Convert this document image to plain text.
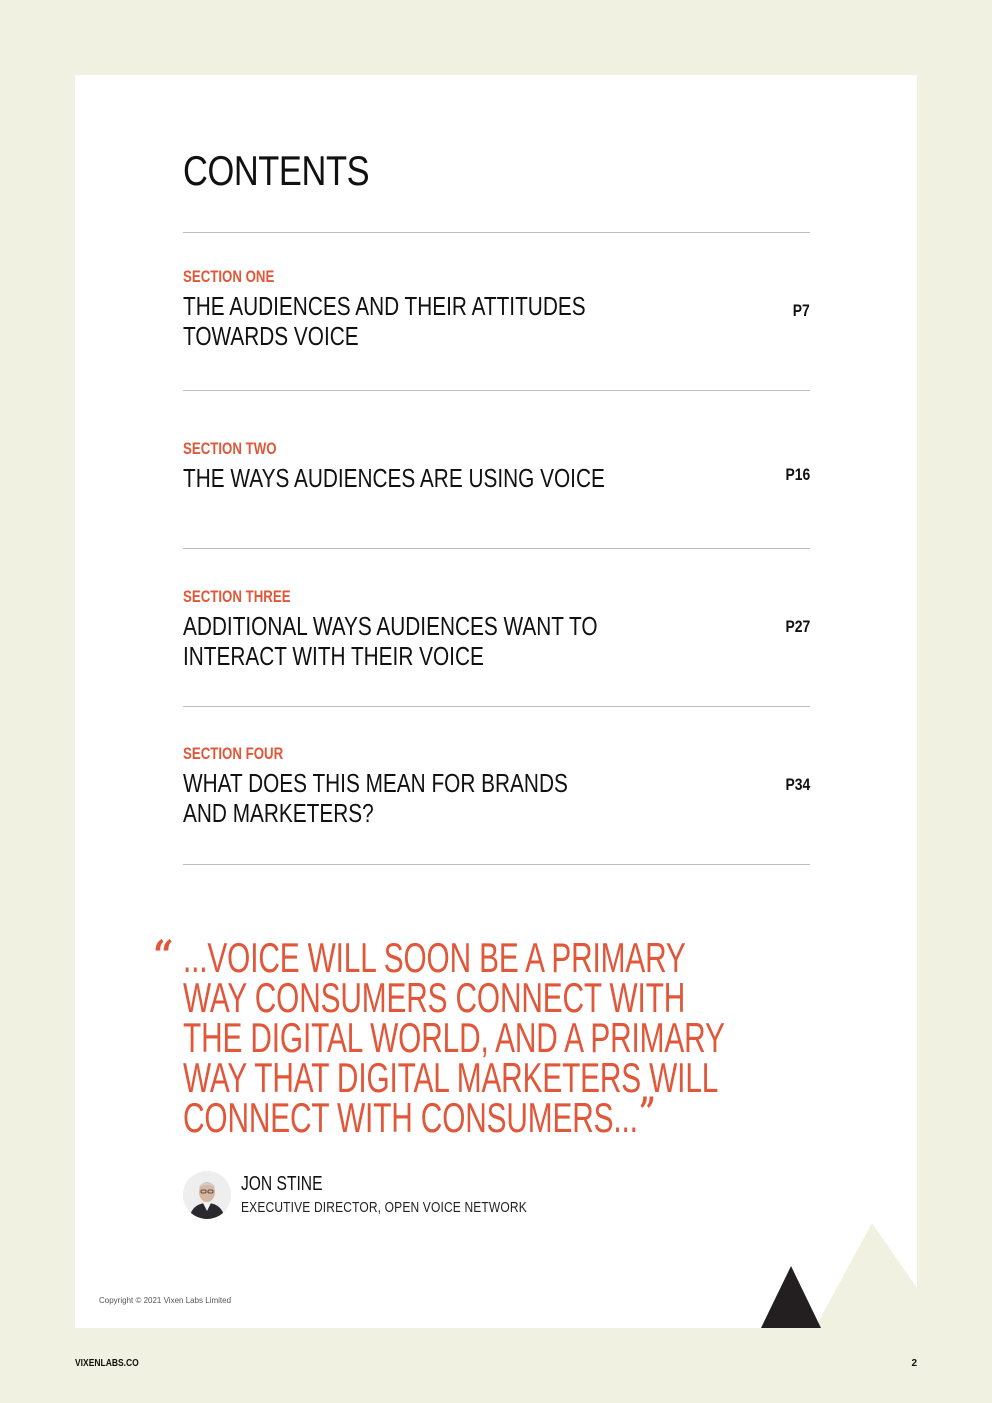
CONTENTS
SECTION ONE
THE AUDIENCES AND THEIR ATTITUDES
TOWARDS VOICE
P7
SECTION TWO
THE WAYS AUDIENCES ARE USING VOICE	P16
SECTION THREE
ADDITIONAL WAYS AUDIENCES WANT TO
INTERACT WITH THEIR VOICE
P27
SECTION FOUR
WHAT DOES THIS MEAN FOR BRANDS
AND MARKETERS?
P34
“ ...VOICE WILL SOON BE A PRIMARY
WAY CONSUMERS CONNECT WITH
THE DIGITAL WORLD, AND A PRIMARY
WAY THAT DIGITAL MARKETERS WILL
CONNECT WITH CONSUMERS...”
JON STINE
EXECUTIVE DIRECTOR, OPEN VOICE NETWORK
Copyright © 2021 Vixen Labs Limited
VIXENLABS.CO	2
